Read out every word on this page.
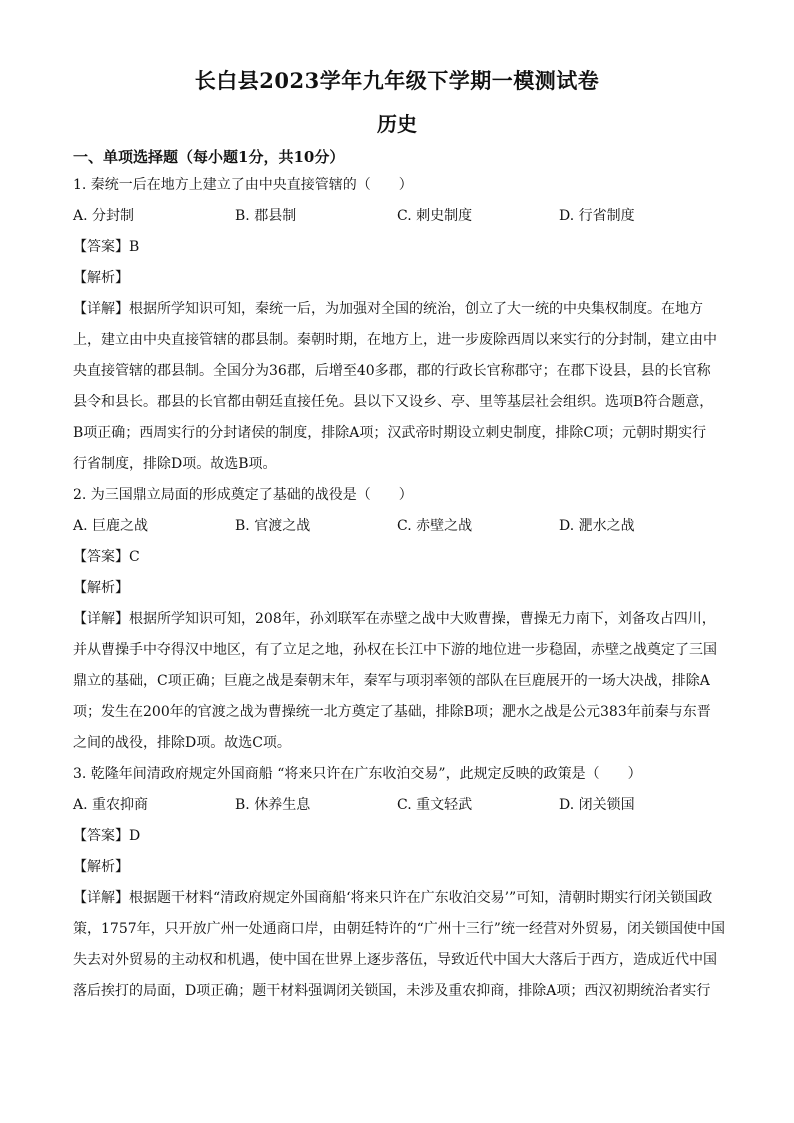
长白县2023学年九年级下学期一模测试卷
历史
一、单项选择题（每小题1分，共10分）
1. 秦统一后在地方上建立了由中央直接管辖的（　　）
A. 分封制	B. 郡县制	C. 刺史制度	D. 行省制度
【答案】B
【解析】
【详解】根据所学知识可知，秦统一后，为加强对全国的统治，创立了大一统的中央集权制度。在地方
上，建立由中央直接管辖的郡县制。秦朝时期，在地方上，进一步废除西周以来实行的分封制，建立由中
央直接管辖的郡县制。全国分为36郡，后增至40多郡，郡的行政长官称郡守；在郡下设县，县的长官称
县令和县长。郡县的长官都由朝廷直接任免。县以下又设乡、亭、里等基层社会组织。选项B符合题意，
B项正确；西周实行的分封诸侯的制度，排除A项；汉武帝时期设立刺史制度，排除C项；元朝时期实行
行省制度，排除D项。故选B项。
2. 为三国鼎立局面的形成奠定了基础的战役是（　　）
A. 巨鹿之战	B. 官渡之战	C. 赤壁之战	D. 淝水之战
【答案】C
【解析】
【详解】根据所学知识可知，208年，孙刘联军在赤壁之战中大败曹操，曹操无力南下，刘备攻占四川，
并从曹操手中夺得汉中地区，有了立足之地，孙权在长江中下游的地位进一步稳固，赤壁之战奠定了三国
鼎立的基础，C项正确；巨鹿之战是秦朝末年，秦军与项羽率领的部队在巨鹿展开的一场大决战，排除A
项；发生在200年的官渡之战为曹操统一北方奠定了基础，排除B项；淝水之战是公元383年前秦与东晋
之间的战役，排除D项。故选C项。
3. 乾隆年间清政府规定外国商船 “将来只许在广东收泊交易”，此规定反映的政策是（　　）
A. 重农抑商	B. 休养生息	C. 重文轻武	D. 闭关锁国
【答案】D
【解析】
【详解】根据题干材料“清政府规定外国商船‘将来只许在广东收泊交易’”可知，清朝时期实行闭关锁国政
策，1757年，只开放广州一处通商口岸，由朝廷特许的“广州十三行”统一经营对外贸易，闭关锁国使中国
失去对外贸易的主动权和机遇，使中国在世界上逐步落伍，导致近代中国大大落后于西方，造成近代中国
落后挨打的局面，D项正确；题干材料强调闭关锁国，未涉及重农抑商，排除A项；西汉初期统治者实行
